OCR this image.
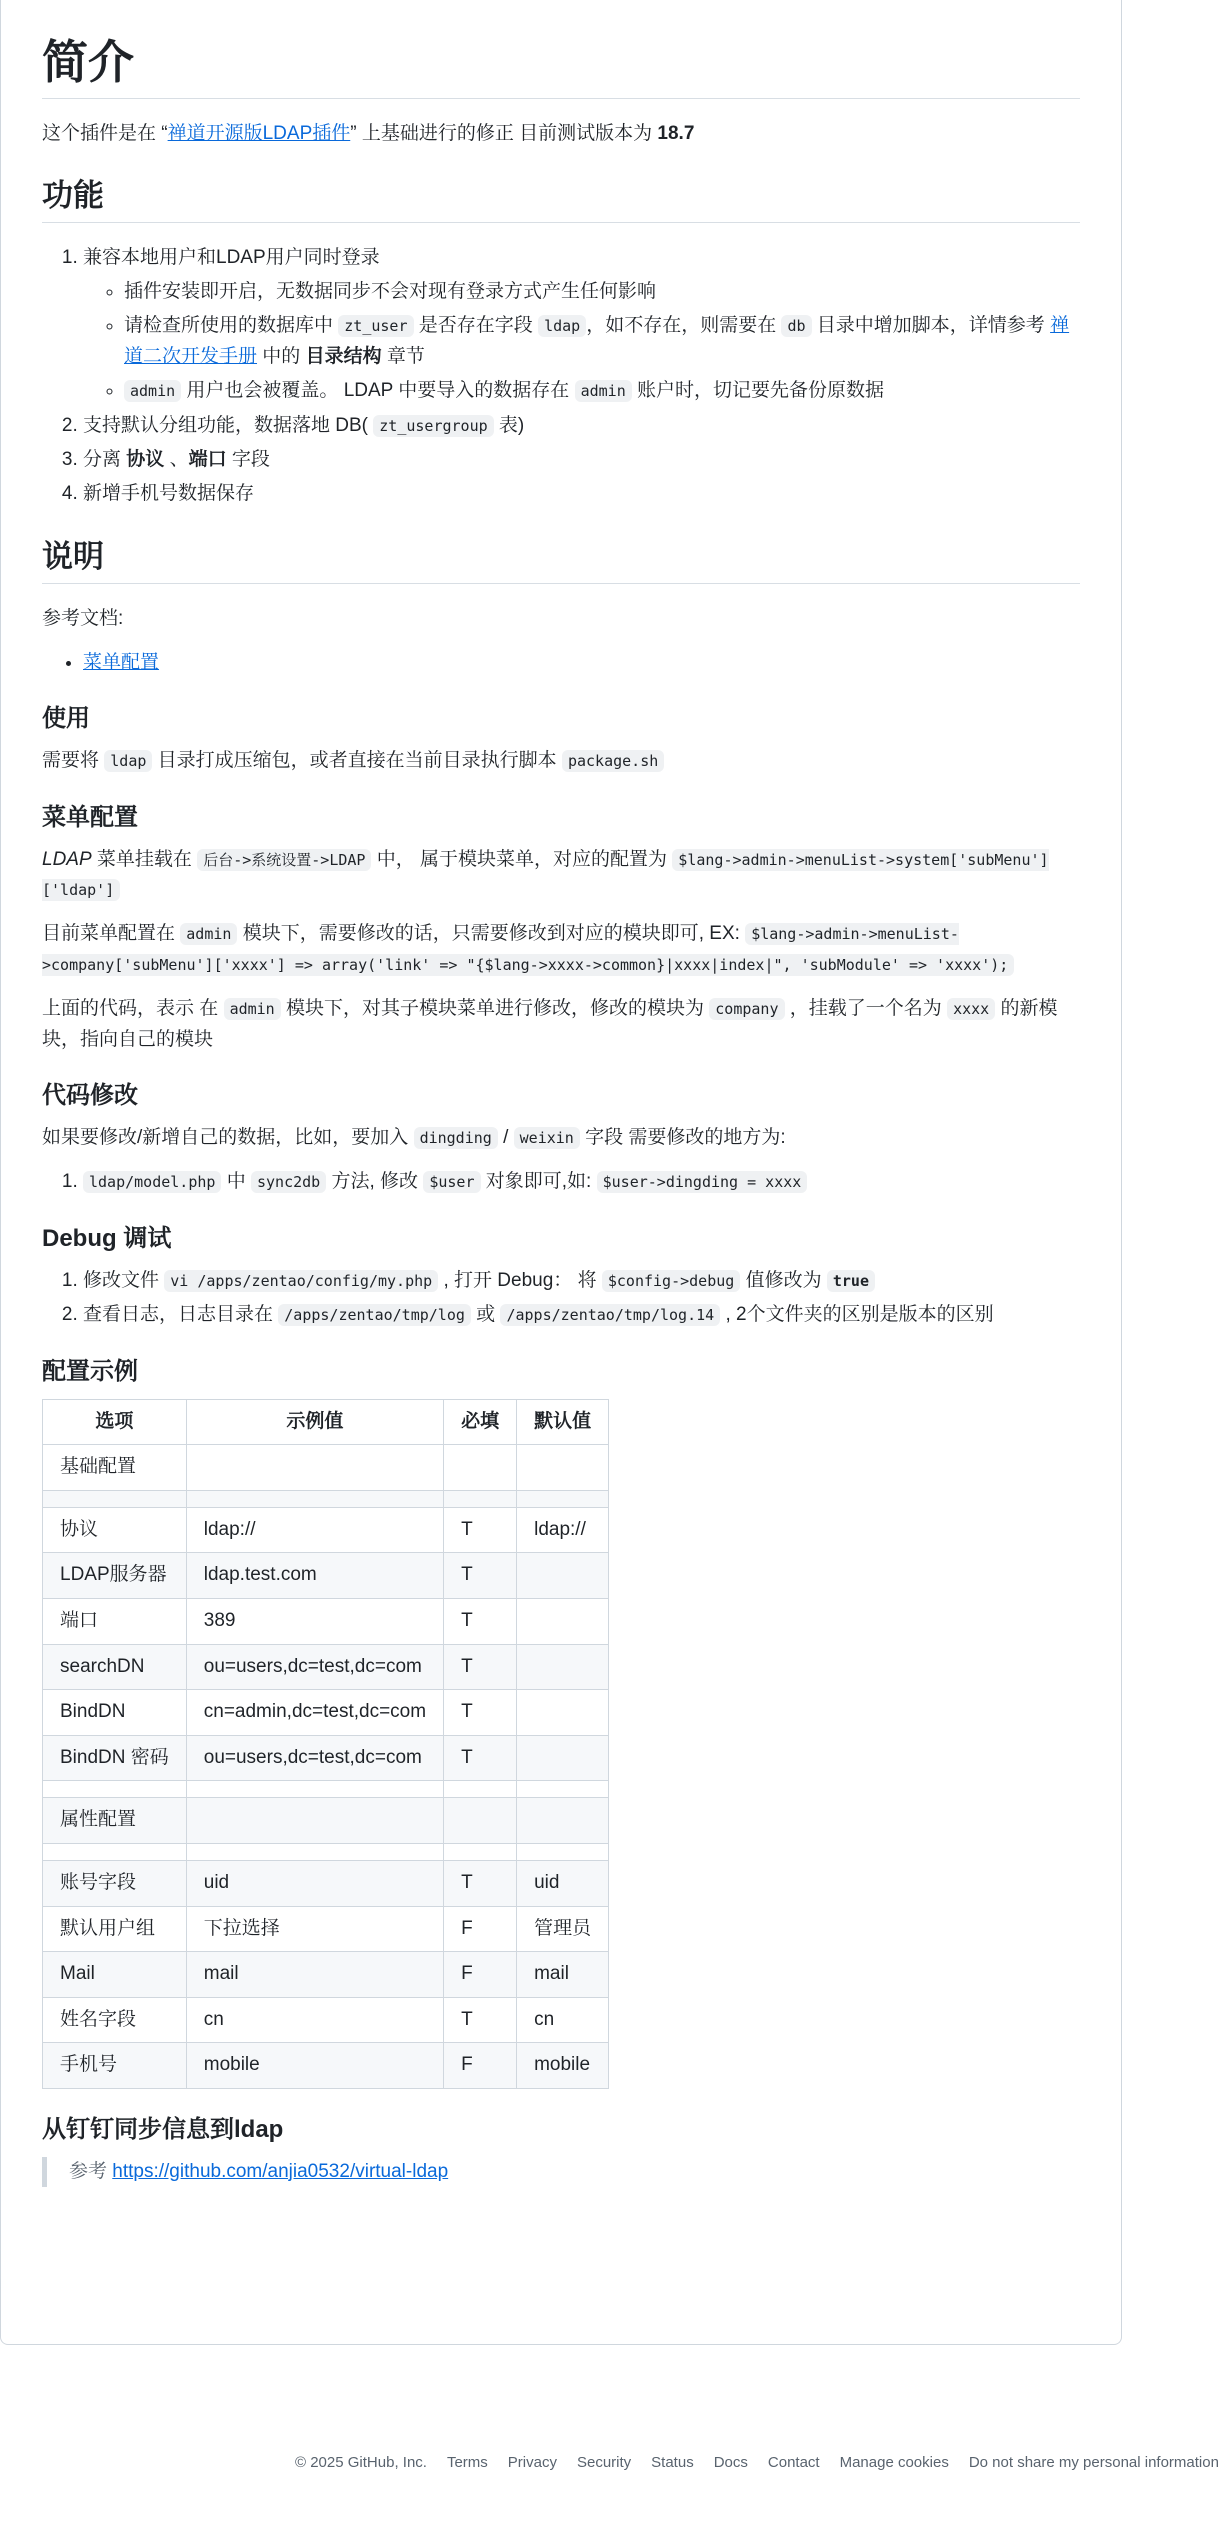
简介

这个插件是在 “禅道开源版LDAP插件” 上基础进行的修正 目前测试版本为 18.7

功能
1. 兼容本地用户和LDAP用户同时登录
◦ 插件安装即开启，无数据同步不会对现有登录方式产生任何影响
◦ 请检查所使用的数据库中 zt_user 是否存在字段 ldap ，如不存在，则需要在 db 目录中增加脚本，详情参考 禅道二次开发手册 中的 目录结构 章节
◦ admin 用户也会被覆盖。 LDAP 中要导入的数据存在 admin 账户时，切记要先备份原数据
2. 支持默认分组功能，数据落地 DB( zt_usergroup 表)
3. 分离 协议 、端口 字段
4. 新增手机号数据保存
说明

参考文档:

• 菜单配置
使用

需要将 ldap 目录打成压缩包，或者直接在当前目录执行脚本 package.sh

菜单配置

LDAP 菜单挂载在 后台->系统设置->LDAP 中， 属于模块菜单，对应的配置为 $lang->admin->menuList->system['subMenu']['ldap']

目前菜单配置在 admin 模块下，需要修改的话，只需要修改到对应的模块即可, EX: $lang->admin->menuList->company['subMenu']['xxxx'] => array('link' => "{$lang->xxxx->common}|xxxx|index|", 'subModule' => 'xxxx');

上面的代码，表示 在 admin 模块下，对其子模块菜单进行修改，修改的模块为 company ，挂载了一个名为 xxxx 的新模块，指向自己的模块

代码修改

如果要修改/新增自己的数据，比如，要加入 dingding / weixin 字段 需要修改的地方为:

1. ldap/model.php 中 sync2db 方法, 修改 $user 对象即可,如: $user->dingding = xxxx
Debug 调试
1. 修改文件 vi /apps/zentao/config/my.php , 打开 Debug： 将 $config->debug 值修改为 true
2. 查看日志，日志目录在 /apps/zentao/tmp/log 或 /apps/zentao/tmp/log.14 , 2个文件夹的区别是版本的区别
配置示例
选项	示例值	必填	默认值
基础配置			

协议	ldap://	T	ldap://
LDAP服务器	ldap.test.com	T	
端口	389	T	
searchDN	ou=users,dc=test,dc=com	T	
BindDN	cn=admin,dc=test,dc=com	T	
BindDN 密码	ou=users,dc=test,dc=com	T	

属性配置			

账号字段	uid	T	uid
默认用户组	下拉选择	F	管理员
Mail	mail	F	mail
姓名字段	cn	T	cn
手机号	mobile	F	mobile
从钉钉同步信息到ldap

参考 https://github.com/anjia0532/virtual-ldap

© 2025 GitHub, Inc. Terms Privacy Security Status Docs Contact Manage cookies Do not share my personal information
